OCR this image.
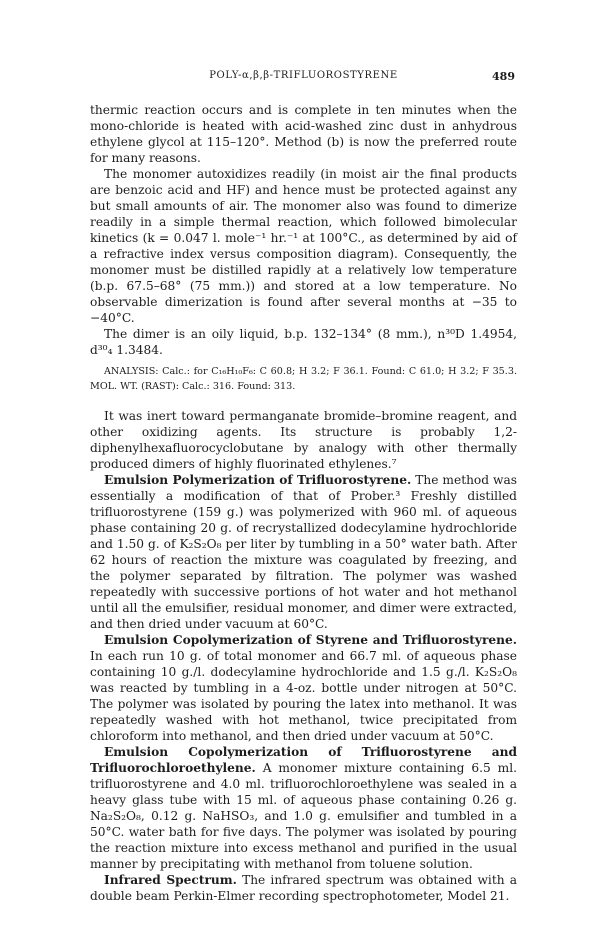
POLY-α,β,β-TRIFLUOROSTYRENE	489

thermic reaction occurs and is complete in ten minutes when the mono-chloride is heated with acid-washed zinc dust in anhydrous ethylene glycol at 115–120°. Method (b) is now the preferred route for many reasons.

The monomer autoxidizes readily (in moist air the final products are benzoic acid and HF) and hence must be protected against any but small amounts of air. The monomer also was found to dimerize readily in a simple thermal reaction, which followed bimolecular kinetics (k = 0.047 l. mole⁻¹ hr.⁻¹ at 100°C., as determined by aid of a refractive index versus composition diagram). Consequently, the monomer must be distilled rapidly at a relatively low temperature (b.p. 67.5–68° (75 mm.)) and stored at a low temperature. No observable dimerization is found after several months at −35 to −40°C.

The dimer is an oily liquid, b.p. 132–134° (8 mm.), n³⁰D 1.4954, d³⁰₄ 1.3484.

ANALYSIS: Calc.: for C₁₆H₁₀F₆: C 60.8; H 3.2; F 36.1. Found: C 61.0; H 3.2; F 35.3. MOL. WT. (RAST): Calc.: 316. Found: 313.

It was inert toward permanganate bromide–bromine reagent, and other oxidizing agents. Its structure is probably 1,2-diphenylhexafluorocyclobutane by analogy with other thermally produced dimers of highly fluorinated ethylenes.⁷

Emulsion Polymerization of Trifluorostyrene. The method was essentially a modification of that of Prober.³ Freshly distilled trifluorostyrene (159 g.) was polymerized with 960 ml. of aqueous phase containing 20 g. of recrystallized dodecylamine hydrochloride and 1.50 g. of K₂S₂O₈ per liter by tumbling in a 50° water bath. After 62 hours of reaction the mixture was coagulated by freezing, and the polymer separated by filtration. The polymer was washed repeatedly with successive portions of hot water and hot methanol until all the emulsifier, residual monomer, and dimer were extracted, and then dried under vacuum at 60°C.

Emulsion Copolymerization of Styrene and Trifluorostyrene. In each run 10 g. of total monomer and 66.7 ml. of aqueous phase containing 10 g./l. dodecylamine hydrochloride and 1.5 g./l. K₂S₂O₈ was reacted by tumbling in a 4-oz. bottle under nitrogen at 50°C. The polymer was isolated by pouring the latex into methanol. It was repeatedly washed with hot methanol, twice precipitated from chloroform into methanol, and then dried under vacuum at 50°C.

Emulsion Copolymerization of Trifluorostyrene and Trifluorochloroethylene. A monomer mixture containing 6.5 ml. trifluorostyrene and 4.0 ml. trifluorochloroethylene was sealed in a heavy glass tube with 15 ml. of aqueous phase containing 0.26 g. Na₂S₂O₈, 0.12 g. NaHSO₃, and 1.0 g. emulsifier and tumbled in a 50°C. water bath for five days. The polymer was isolated by pouring the reaction mixture into excess methanol and purified in the usual manner by precipitating with methanol from toluene solution.

Infrared Spectrum. The infrared spectrum was obtained with a double beam Perkin-Elmer recording spectrophotometer, Model 21.
